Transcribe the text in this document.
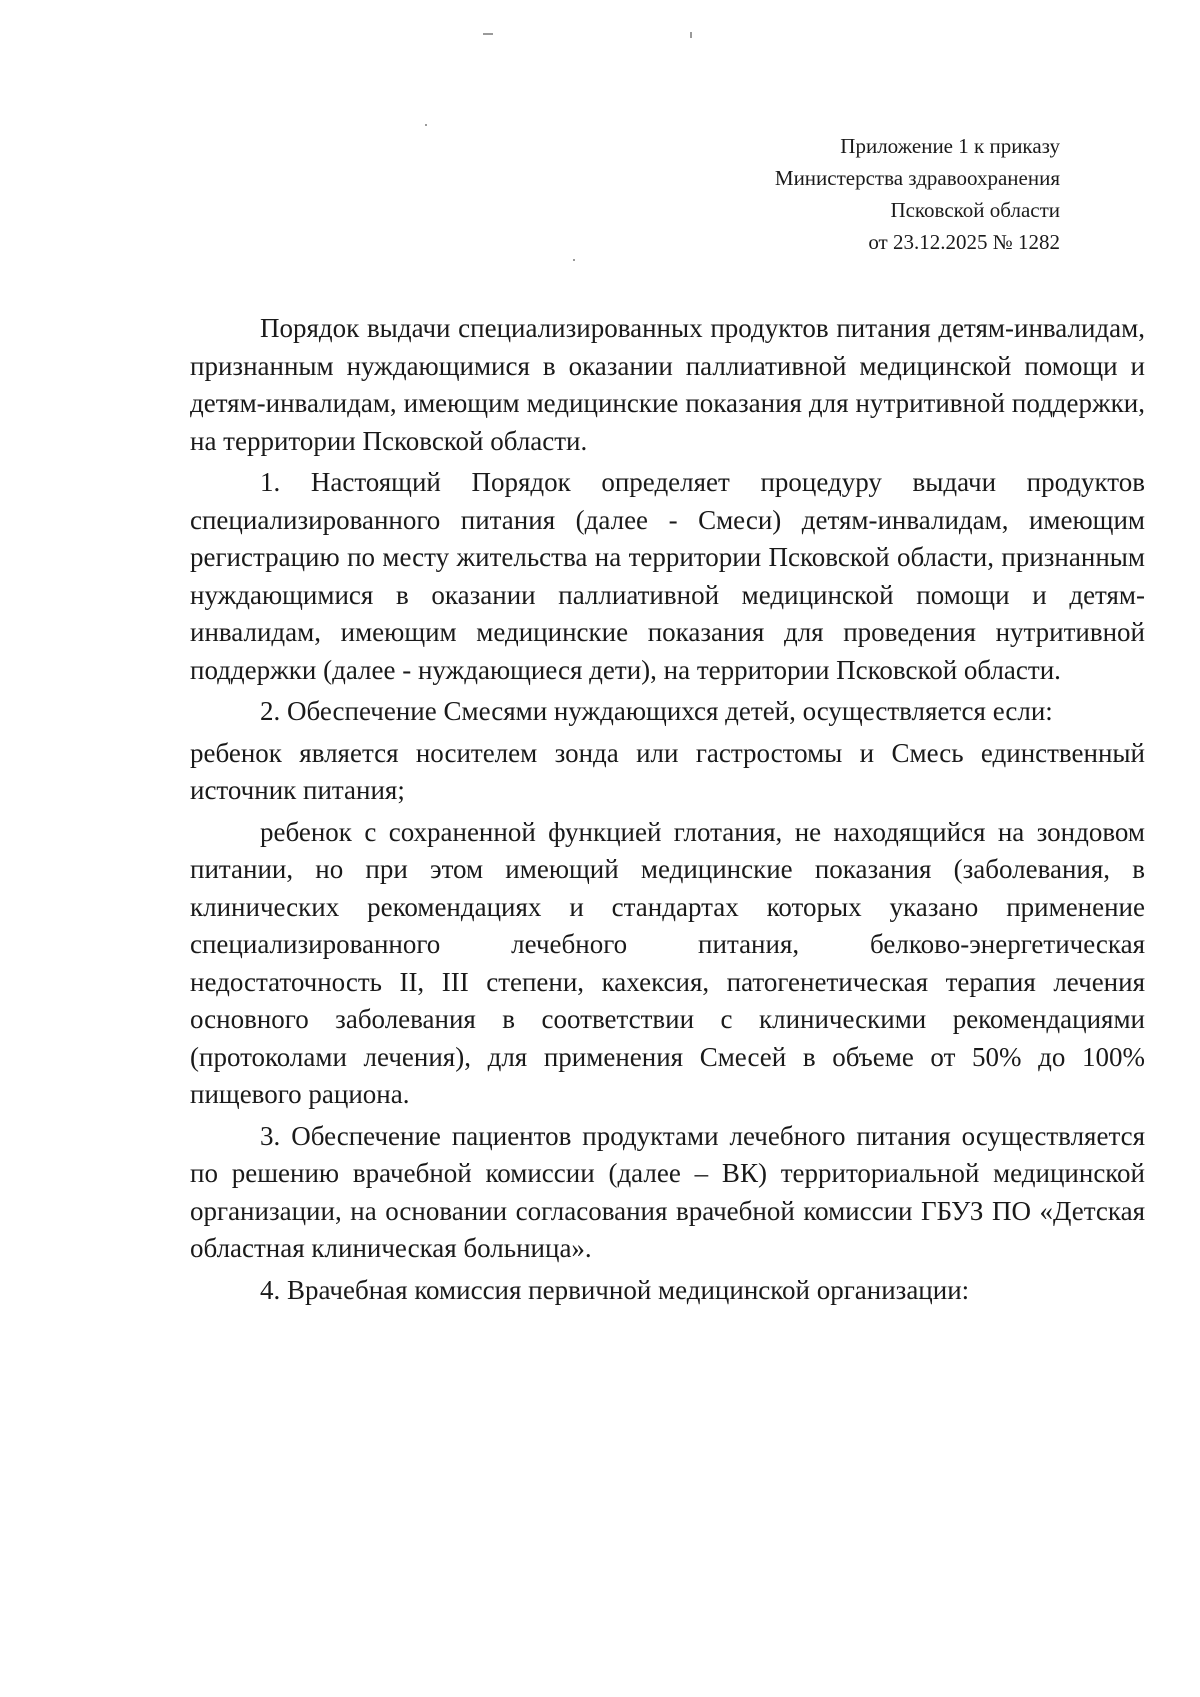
Приложение 1 к приказу
Министерства здравоохранения
Псковской области
от 23.12.2025 № 1282

Порядок выдачи специализированных продуктов питания детям-инвалидам, признанным нуждающимися в оказании паллиативной медицинской помощи и детям-инвалидам, имеющим медицинские показания для нутритивной поддержки, на территории Псковской области.

1. Настоящий Порядок определяет процедуру выдачи продуктов специализированного питания (далее - Смеси) детям-инвалидам, имеющим регистрацию по месту жительства на территории Псковской области, признанным нуждающимися в оказании паллиативной медицинской помощи и детям-инвалидам, имеющим медицинские показания для проведения нутритивной поддержки (далее - нуждающиеся дети), на территории Псковской области.

2. Обеспечение Смесями нуждающихся детей, осуществляется если:

ребенок является носителем зонда или гастростомы и Смесь единственный источник питания;

ребенок с сохраненной функцией глотания, не находящийся на зондовом питании, но при этом имеющий медицинские показания (заболевания, в клинических рекомендациях и стандартах которых указано применение специализированного лечебного питания, белково-энергетическая недостаточность II, III степени, кахексия, патогенетическая терапия лечения основного заболевания в соответствии с клиническими рекомендациями (протоколами лечения), для применения Смесей в объеме от 50% до 100% пищевого рациона.

3. Обеспечение пациентов продуктами лечебного питания осуществляется по решению врачебной комиссии (далее – ВК) территориальной медицинской организации, на основании согласования врачебной комиссии ГБУЗ ПО «Детская областная клиническая больница».

4. Врачебная комиссия первичной медицинской организации:
